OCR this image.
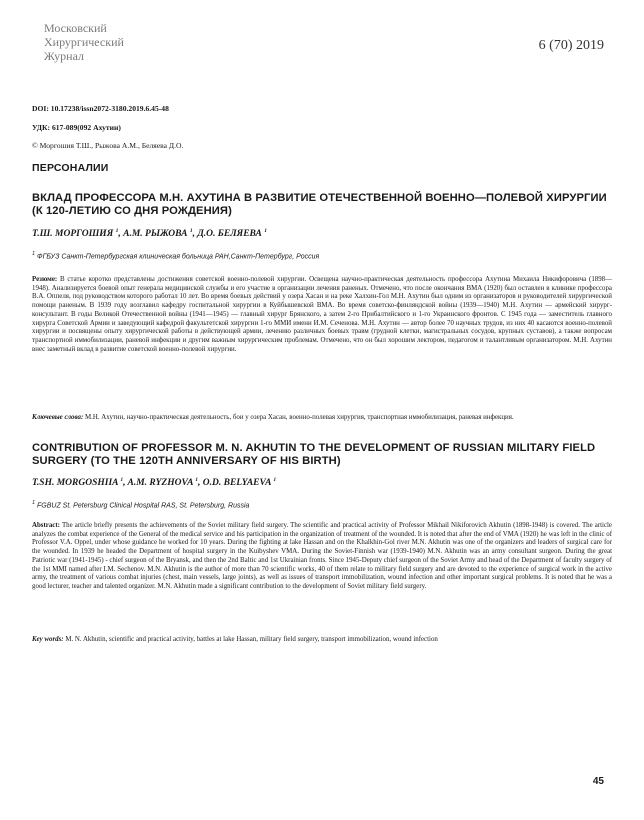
Московский
Хирургический
Журнал
6 (70) 2019
DOI: 10.17238/issn2072-3180.2019.6.45-48
УДК: 617-089(092 Ахутин)
© Моргошия Т.Ш., Рыжова А.М., Беляева Д.О.
ПЕРСОНАЛИИ
ВКЛАД ПРОФЕССОРА М.Н. АХУТИНА В РАЗВИТИЕ ОТЕЧЕСТВЕННОЙ ВОЕННО—ПОЛЕВОЙ ХИРУРГИИ (К 120-ЛЕТИЮ СО ДНЯ РОЖДЕНИЯ)
Т.Ш. МОРГОШИЯ $^1$, А.М. РЫЖОВА $^1$, Д.О. БЕЛЯЕВА $^1$
$^1$ ФГБУЗ Санкт-Петербургская клиническая больница РАН,Санкт-Петербург, Россия
Резюме: В статье коротко представлены достижения советской военно-полевой хирургии. Освещена научно-практическая деятельность профессора Ахутина Михаила Никифоровича (1898—1948). Анализируется боевой опыт генерала медицинской службы и его участие в организации лечения раненых. Отмечено, что после окончания ВМА (1920) был оставлен в клинике профессора В.А. Оппеля, под руководством которого работал 10 лет. Во время боевых действий у озера Хасан и на реке Халхин-Гол М.Н. Ахутин был одним из организаторов и руководителей хирургической помощи раненым. В 1939 году возглавил кафедру госпитальной хирургии в Куйбышевской ВМА. Во время советско-финляндской войны (1939—1940) М.Н. Ахутин — армейский хирург-консультант. В годы Великой Отечественной войны (1941—1945) — главный хирург Брянского, а затем 2-го Прибалтийского и 1-го Украинского фронтов. С 1945 года — заместитель главного хирурга Советской Армии и заведующий кафедрой факультетской хирургии 1-го ММИ имени И.М. Сеченова. М.Н. Ахутин — автор более 70 научных трудов, из них 40 касаются военно-полевой хирургии и посвящены опыту хирургической работы в действующей армии, лечению различных боевых травм (грудной клетки, магистральных сосудов, крупных суставов), а также вопросам транспортной иммобилизации, раневой инфекции и другим важным хирургическим проблемам. Отмечено, что он был хорошим лектором, педагогом и талантливым организатором. М.Н. Ахутин внес заметный вклад в развитие советской военно-полевой хирургии.
Ключевые слова: М.Н. Ахутин, научно-практическая деятельность, бои у озера Хасан, военно-полевая хирургия, транспортная иммобилизация, раневая инфекция.
CONTRIBUTION OF PROFESSOR M. N. AKHUTIN TO THE DEVELOPMENT OF RUSSIAN MILITARY FIELD SURGERY (TO THE 120TH ANNIVERSARY OF HIS BIRTH)
T.SH. MORGOSHIIA $^1$, A.M. RYZHOVA $^1$, O.D. BELYAEVA $^1$
$^1$ FGBUZ St. Petersburg Clinical Hospital RAS, St. Petersburg, Russia
Abstract: The article briefly presents the achievements of the Soviet military field surgery. The scientific and practical activity of Professor Mikhail Nikiforovich Akhutin (1898-1948) is covered. The article analyzes the combat experience of the General of the medical service and his participation in the organization of treatment of the wounded. It is noted that after the end of VMA (1920) he was left in the clinic of Professor V.A. Oppel, under whose guidance he worked for 10 years. During the fighting at lake Hassan and on the Khalkhin-Gol river M.N. Akhutin was one of the organizers and leaders of surgical care for the wounded. In 1939 he headed the Department of hospital surgery in the Kuibyshev VMA. During the Soviet-Finnish war (1939-1940) M.N. Akhutin was an army consultant surgeon. During the great Patriotic war (1941-1945) - chief surgeon of the Bryansk, and then the 2nd Baltic and 1st Ukrainian fronts. Since 1945-Deputy chief surgeon of the Soviet Army and head of the Department of faculty surgery of the 1st MMI named after I.M. Sechenov. M.N. Akhutin is the author of more than 70 scientific works, 40 of them relate to military field surgery and are devoted to the experience of surgical work in the active army, the treatment of various combat injuries (chest, main vessels, large joints), as well as issues of transport immobilization, wound infection and other important surgical problems. It is noted that he was a good lecturer, teacher and talented organizer. M.N. Akhutin made a significant contribution to the development of Soviet military field surgery.
Key words: M. N. Akhutin, scientific and practical activity, battles at lake Hassan, military field surgery, transport immobilization, wound infection
45
